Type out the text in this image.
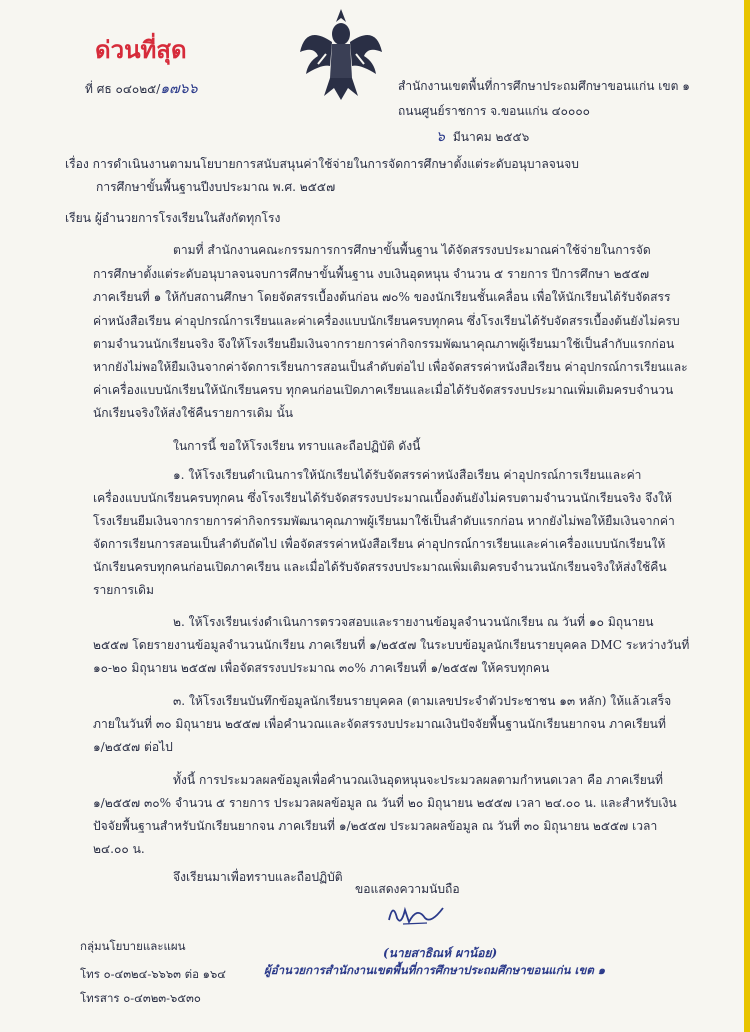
ด่วนที่สุด
ที่ ศธ ๐๔๐๒๕/๑๗๖๖	สำนักงานเขตพื้นที่การศึกษาประถมศึกษาขอนแก่น เขต ๑
ถนนศูนย์ราชการ จ.ขอนแก่น ๔๐๐๐๐
๖ มีนาคม ๒๕๕๖
เรื่อง การดำเนินงานตามนโยบายการสนับสนุนค่าใช้จ่ายในการจัดการศึกษาตั้งแต่ระดับอนุบาลจนจบ
การศึกษาขั้นพื้นฐานปีงบประมาณ พ.ศ. ๒๕๕๗
เรียน ผู้อำนวยการโรงเรียนในสังกัดทุกโรง
ตามที่ สำนักงานคณะกรรมการการศึกษาขั้นพื้นฐาน ได้จัดสรรงบประมาณค่าใช้จ่ายในการจัด
การศึกษาตั้งแต่ระดับอนุบาลจนจบการศึกษาขั้นพื้นฐาน งบเงินอุดหนุน จำนวน ๕ รายการ ปีการศึกษา ๒๕๕๗
ภาคเรียนที่ ๑ ให้กับสถานศึกษา โดยจัดสรรเบื้องต้นก่อน ๗๐% ของนักเรียนชั้นเคลื่อน เพื่อให้นักเรียนได้รับจัดสรร
ค่าหนังสือเรียน ค่าอุปกรณ์การเรียนและค่าเครื่องแบบนักเรียนครบทุกคน ซึ่งโรงเรียนได้รับจัดสรรเบื้องต้นยังไม่ครบ
ตามจำนวนนักเรียนจริง จึงให้โรงเรียนยืมเงินจากรายการค่ากิจกรรมพัฒนาคุณภาพผู้เรียนมาใช้เป็นลำกับแรกก่อน
หากยังไม่พอให้ยืมเงินจากค่าจัดการเรียนการสอนเป็นลำดับต่อไป เพื่อจัดสรรค่าหนังสือเรียน ค่าอุปกรณ์การเรียนและ
ค่าเครื่องแบบนักเรียนให้นักเรียนครบ ทุกคนก่อนเปิดภาคเรียนและเมื่อได้รับจัดสรรงบประมาณเพิ่มเติมครบจำนวน
นักเรียนจริงให้ส่งใช้คืนรายการเดิม นั้น
ในการนี้ ขอให้โรงเรียน ทราบและถือปฏิบัติ ดังนี้
๑. ให้โรงเรียนดำเนินการให้นักเรียนได้รับจัดสรรค่าหนังสือเรียน ค่าอุปกรณ์การเรียนและค่า
เครื่องแบบนักเรียนครบทุกคน ซึ่งโรงเรียนได้รับจัดสรรงบประมาณเบื้องต้นยังไม่ครบตามจำนวนนักเรียนจริง จึงให้
โรงเรียนยืมเงินจากรายการค่ากิจกรรมพัฒนาคุณภาพผู้เรียนมาใช้เป็นลำดับแรกก่อน หากยังไม่พอให้ยืมเงินจากค่า
จัดการเรียนการสอนเป็นลำดับถัดไป เพื่อจัดสรรค่าหนังสือเรียน ค่าอุปกรณ์การเรียนและค่าเครื่องแบบนักเรียนให้
นักเรียนครบทุกคนก่อนเปิดภาคเรียน และเมื่อได้รับจัดสรรงบประมาณเพิ่มเติมครบจำนวนนักเรียนจริงให้ส่งใช้คืน
รายการเดิม
๒. ให้โรงเรียนเร่งดำเนินการตรวจสอบและรายงานข้อมูลจำนวนนักเรียน ณ วันที่ ๑๐ มิถุนายน
๒๕๕๗ โดยรายงานข้อมูลจำนวนนักเรียน ภาคเรียนที่ ๑/๒๕๕๗ ในระบบข้อมูลนักเรียนรายบุคคล DMC ระหว่างวันที่
๑๐-๒๐ มิถุนายน ๒๕๕๗ เพื่อจัดสรรงบประมาณ ๓๐% ภาคเรียนที่ ๑/๒๕๕๗ ให้ครบทุกคน
๓. ให้โรงเรียนบันทึกข้อมูลนักเรียนรายบุคคล (ตามเลขประจำตัวประชาชน ๑๓ หลัก) ให้แล้วเสร็จ
ภายในวันที่ ๓๐ มิถุนายน ๒๕๕๗ เพื่อคำนวณและจัดสรรงบประมาณเงินปัจจัยพื้นฐานนักเรียนยากจน ภาคเรียนที่
๑/๒๕๕๗ ต่อไป
ทั้งนี้ การประมวลผลข้อมูลเพื่อคำนวณเงินอุดหนุนจะประมวลผลตามกำหนดเวลา คือ ภาคเรียนที่
๑/๒๕๕๗ ๓๐% จำนวน ๕ รายการ ประมวลผลข้อมูล ณ วันที่ ๒๐ มิถุนายน ๒๕๕๗ เวลา ๒๔.๐๐ น. และสำหรับเงิน
ปัจจัยพื้นฐานสำหรับนักเรียนยากจน ภาคเรียนที่ ๑/๒๕๕๗ ประมวลผลข้อมูล ณ วันที่ ๓๐ มิถุนายน ๒๕๕๗ เวลา
๒๔.๐๐ น.
จึงเรียนมาเพื่อทราบและถือปฏิบัติ
ขอแสดงความนับถือ
(นายสาธิณห์ ผาน้อย)
ผู้อำนวยการสำนักงานเขตพื้นที่การศึกษาประถมศึกษาขอนแก่น เขต ๑
กลุ่มนโยบายและแผน
โทร ๐-๔๓๒๔-๖๖๖๓ ต่อ ๑๖๔
โทรสาร ๐-๔๓๒๓-๖๕๓๐
